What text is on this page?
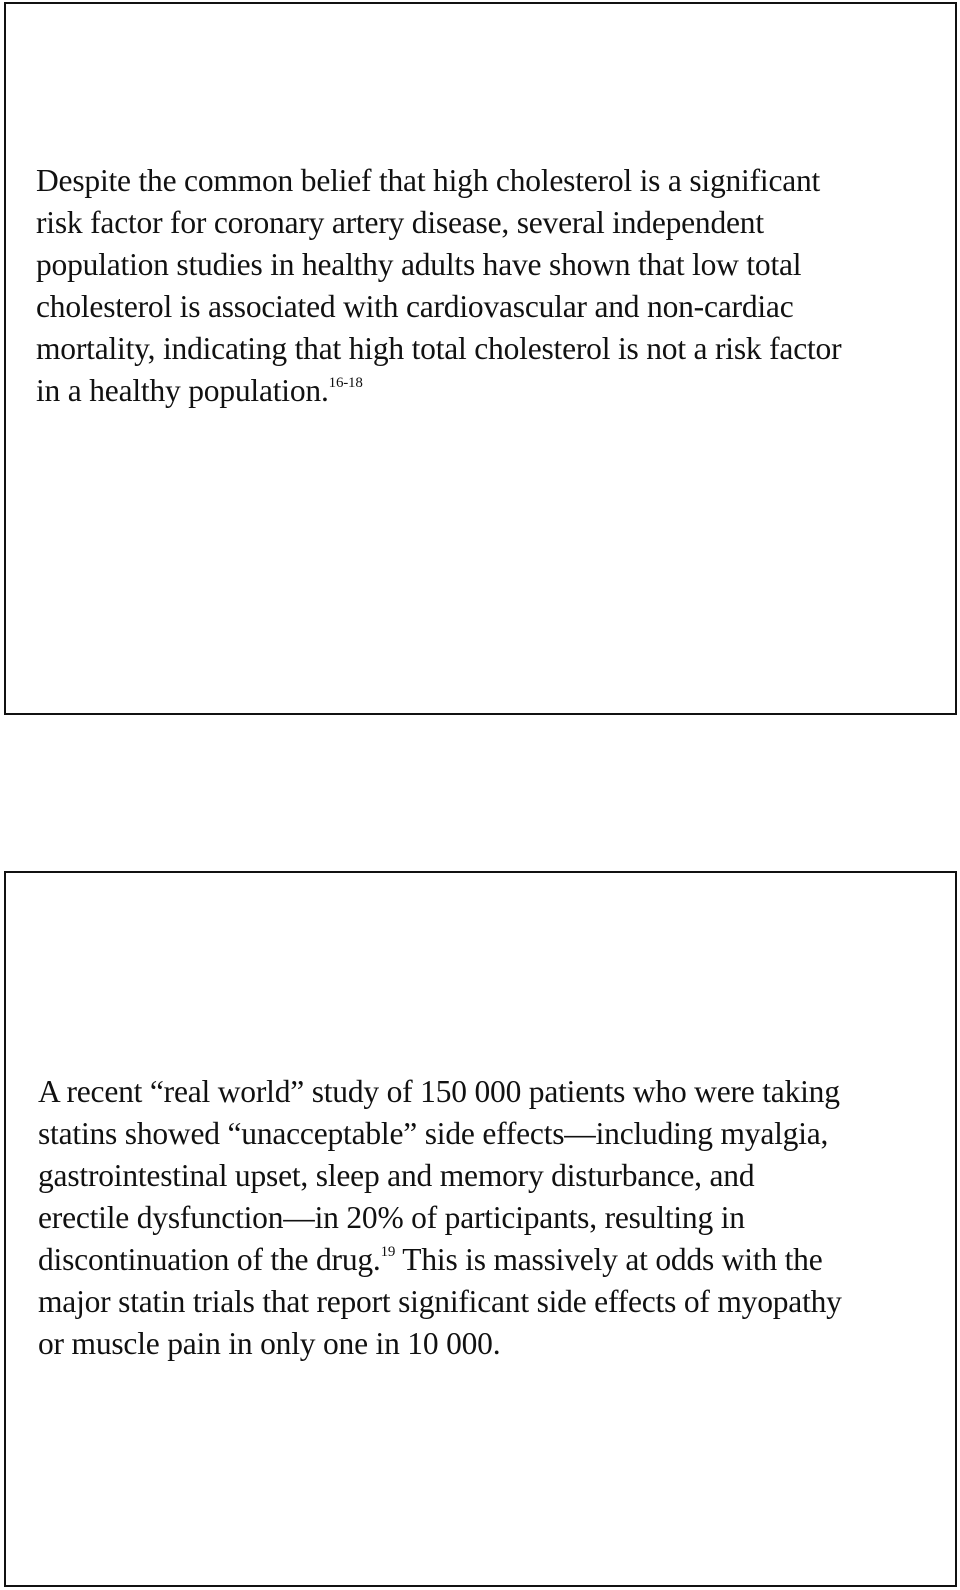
Despite the common belief that high cholesterol is a significant
risk factor for coronary artery disease, several independent
population studies in healthy adults have shown that low total
cholesterol is associated with cardiovascular and non-cardiac
mortality, indicating that high total cholesterol is not a risk factor
in a healthy population.$^{16-18}$

A recent “real world” study of 150 000 patients who were taking
statins showed “unacceptable” side effects—including myalgia,
gastrointestinal upset, sleep and memory disturbance, and
erectile dysfunction—in 20% of participants, resulting in
discontinuation of the drug.$^{19}$ This is massively at odds with the
major statin trials that report significant side effects of myopathy
or muscle pain in only one in 10 000.
